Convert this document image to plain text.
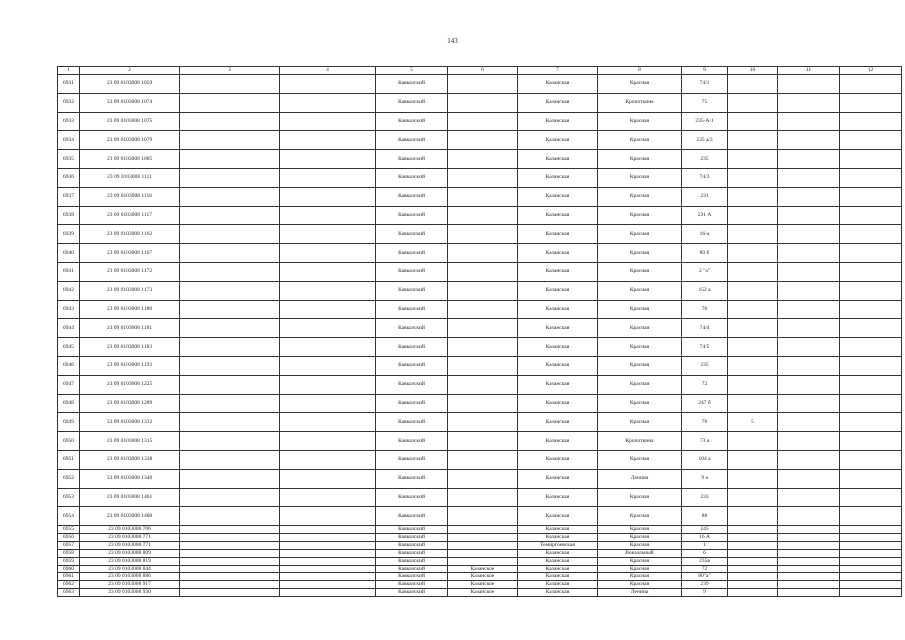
143
1	2	3	4	5	6	7	8	9	10	11	12
6931	23 09 0103008 1059			Кавказский		Казанская	Красная	74/1			
6932	23 09 0103008 1074			Кавказский		Казанская	Кропоткина	75			
6933	23 09 0103008 1075			Кавказский		Казанская	Красная	235-А/1			
6934	23 09 0103008 1079			Кавказский		Казанская	Красная	235 а/3			
6935	23 09 0103008 1085			Кавказский		Казанская	Красная	235			
6936	23 09 0103008 1111			Кавказский		Казанская	Красная	74/3			
6937	23 09 0103008 1116			Кавказский		Казанская	Красная	231			
6938	23 09 0103008 1117			Кавказский		Казанская	Красная	231 А			
6939	23 09 0103008 1162			Кавказский		Казанская	Красная	16-а			
6940	23 09 0103008 1167			Кавказский		Казанская	Красная	80 б			
6941	23 09 0103008 1172			Кавказский		Казанская	Красная	2 "а"			
6942	23 09 0103008 1173			Кавказский		Казанская	Красная	152 а			
6943	23 09 0103008 1180			Кавказский		Казанская	Красная	76			
6944	23 09 0103008 1181			Кавказский		Казанская	Красная	74/4			
6945	23 09 0103008 1183			Кавказский		Казанская	Красная	74/5			
6946	23 09 0103008 1193			Кавказский		Казанская	Красная	235			
6947	23 09 0103008 1225			Кавказский		Казанская	Красная	72			
6948	23 09 0103008 1289			Кавказский		Казанская	Красная	247 б			
6949	23 09 0103008 1312			Кавказский		Казанская	Красная	76	5		
6950	23 09 0103008 1315			Кавказский		Казанская	Кропоткина	73 а			
6951	23 09 0103008 1338			Кавказский		Казанская	Красная	104 а			
6952	23 09 0103008 1340			Кавказский		Казанская	Ленина	9 а			
6953	23 09 0103008 1461			Кавказский		Казанская	Красная	233			
6954	23 09 0103008 1480			Кавказский		Казанская	Красная	88			
6955	23 09 0103008 706			Кавказский		Казанская	Красная	245			
6956	23 09 0103008 771			Кавказский		Казанская	Красная	16 А			
6957	23 09 0103008 771			Кавказский		Темиргоевская	Красная	1			
6958	23 09 0103008 809			Кавказский		Казанская	Вокзальный	6			
6959	23 09 0103008 819			Кавказский		Казанская	Красная	235в			
6960	23 09 0103008 844			Кавказский	Казанское	Казанская	Красная	72			
6961	23 09 0103008 886			Кавказский	Казанское	Казанская	Красная	80"а"			
6962	23 09 0103008 917			Кавказский	Казанское	Казанская	Красная	239			
6963	23 09 0103008 930			Кавказский	Казанское	Казанская	Ленина	9			
